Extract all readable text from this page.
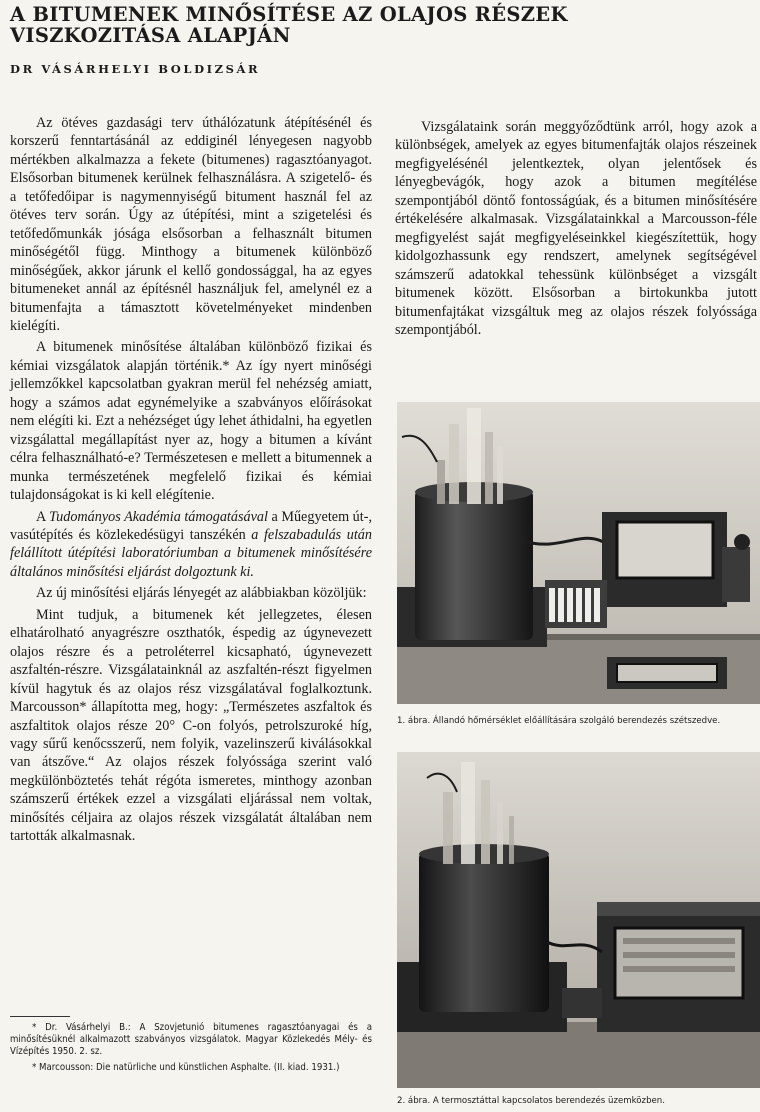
A BITUMENEK MINŐSÍTÉSE AZ OLAJOS RÉSZEK
VISZKOZITÁSA ALAPJÁN
DR VÁSÁRHELYI BOLDIZSÁR

Az ötéves gazdasági terv úthálózatunk átépítésénél és korszerű fenntartásánál az eddiginél lényegesen nagyobb mértékben alkalmazza a fekete (bitumenes) ragasztóanyagot. Elsősorban bitumenek kerülnek felhasználásra. A szigetelő- és a tetőfedőipar is nagymennyiségű bitument használ fel az ötéves terv során. Úgy az útépítési, mint a szigetelési és tetőfedőmunkák jósága elsősorban a felhasznált bitumen minőségétől függ. Minthogy a bitumenek különböző minőségűek, akkor járunk el kellő gondossággal, ha az egyes bitumeneket annál az építésnél használjuk fel, amelynél ez a bitumenfajta a támasztott követelményeket mindenben kielégíti.

A bitumenek minősítése általában különböző fizikai és kémiai vizsgálatok alapján történik.* Az így nyert minőségi jellemzőkkel kapcsolatban gyakran merül fel nehézség amiatt, hogy a számos adat egynémelyike a szabványos előírásokat nem elégíti ki. Ezt a nehézséget úgy lehet áthidalni, ha egyetlen vizsgálattal megállapítást nyer az, hogy a bitumen a kívánt célra felhasználható-e? Természetesen e mellett a bitumennek a munka természetének megfelelő fizikai és kémiai tulajdonságokat is ki kell elégítenie.

A Tudományos Akadémia támogatásával a Műegyetem út-, vasútépítés és közlekedésügyi tanszékén a felszabadulás után felállított útépítési laboratóriumban a bitumenek minősítésére általános minősítési eljárást dolgoztunk ki.

Az új minősítési eljárás lényegét az alábbiakban közöljük:

Mint tudjuk, a bitumenek két jellegzetes, élesen elhatárolható anyagrészre oszthatók, éspedig az úgynevezett olajos részre és a petroléterrel kicsapható, úgynevezett aszfaltén-részre. Vizsgálatainknál az aszfaltén-részt figyelmen kívül hagytuk és az olajos rész vizsgálatával foglalkoztunk. Marcousson* állapította meg, hogy: „Természetes aszfaltok és aszfaltitok olajos része 20° C-on folyós, petrolszuroké híg, vagy sűrű kenőcsszerű, nem folyik, vazelinszerű kiválásokkal van átszőve.“ Az olajos részek folyóssága szerint való megkülönböztetés tehát régóta ismeretes, minthogy azonban számszerű értékek ezzel a vizsgálati eljárással nem voltak, minősítés céljaira az olajos részek vizsgálatát általában nem tartották alkalmasnak.

* Dr. Vásárhelyi B.: A Szovjetunió bitumenes ragasztóanyagai és a minősítésüknél alkalmazott szabványos vizsgálatok. Magyar Közlekedés Mély- és Vízépítés 1950. 2. sz.

* Marcousson: Die natürliche und künstlichen Asphalte. (II. kiad. 1931.)

Vizsgálataink során meggyőződtünk arról, hogy azok a különbségek, amelyek az egyes bitumenfajták olajos részeinek megfigyelésénél jelentkeztek, olyan jelentősek és lényegbevágók, hogy azok a bitumen megítélése szempontjából döntő fontosságúak, és a bitumen minősítésére értékelésére alkalmasak. Vizsgálatainkkal a Marcousson-féle megfigyelést saját megfigyeléseinkkel kiegészítettük, hogy kidolgozhassunk egy rendszert, amelynek segítségével számszerű adatokkal tehessünk különbséget a vizsgált bitumenek között. Elsősorban a birtokunkba jutott bitumenfajtákat vizsgáltuk meg az olajos részek folyóssága szempontjából.

1. ábra. Állandó hőmérséklet előállítására szolgáló berendezés szétszedve.
2. ábra. A termosztáttal kapcsolatos berendezés üzemközben.
